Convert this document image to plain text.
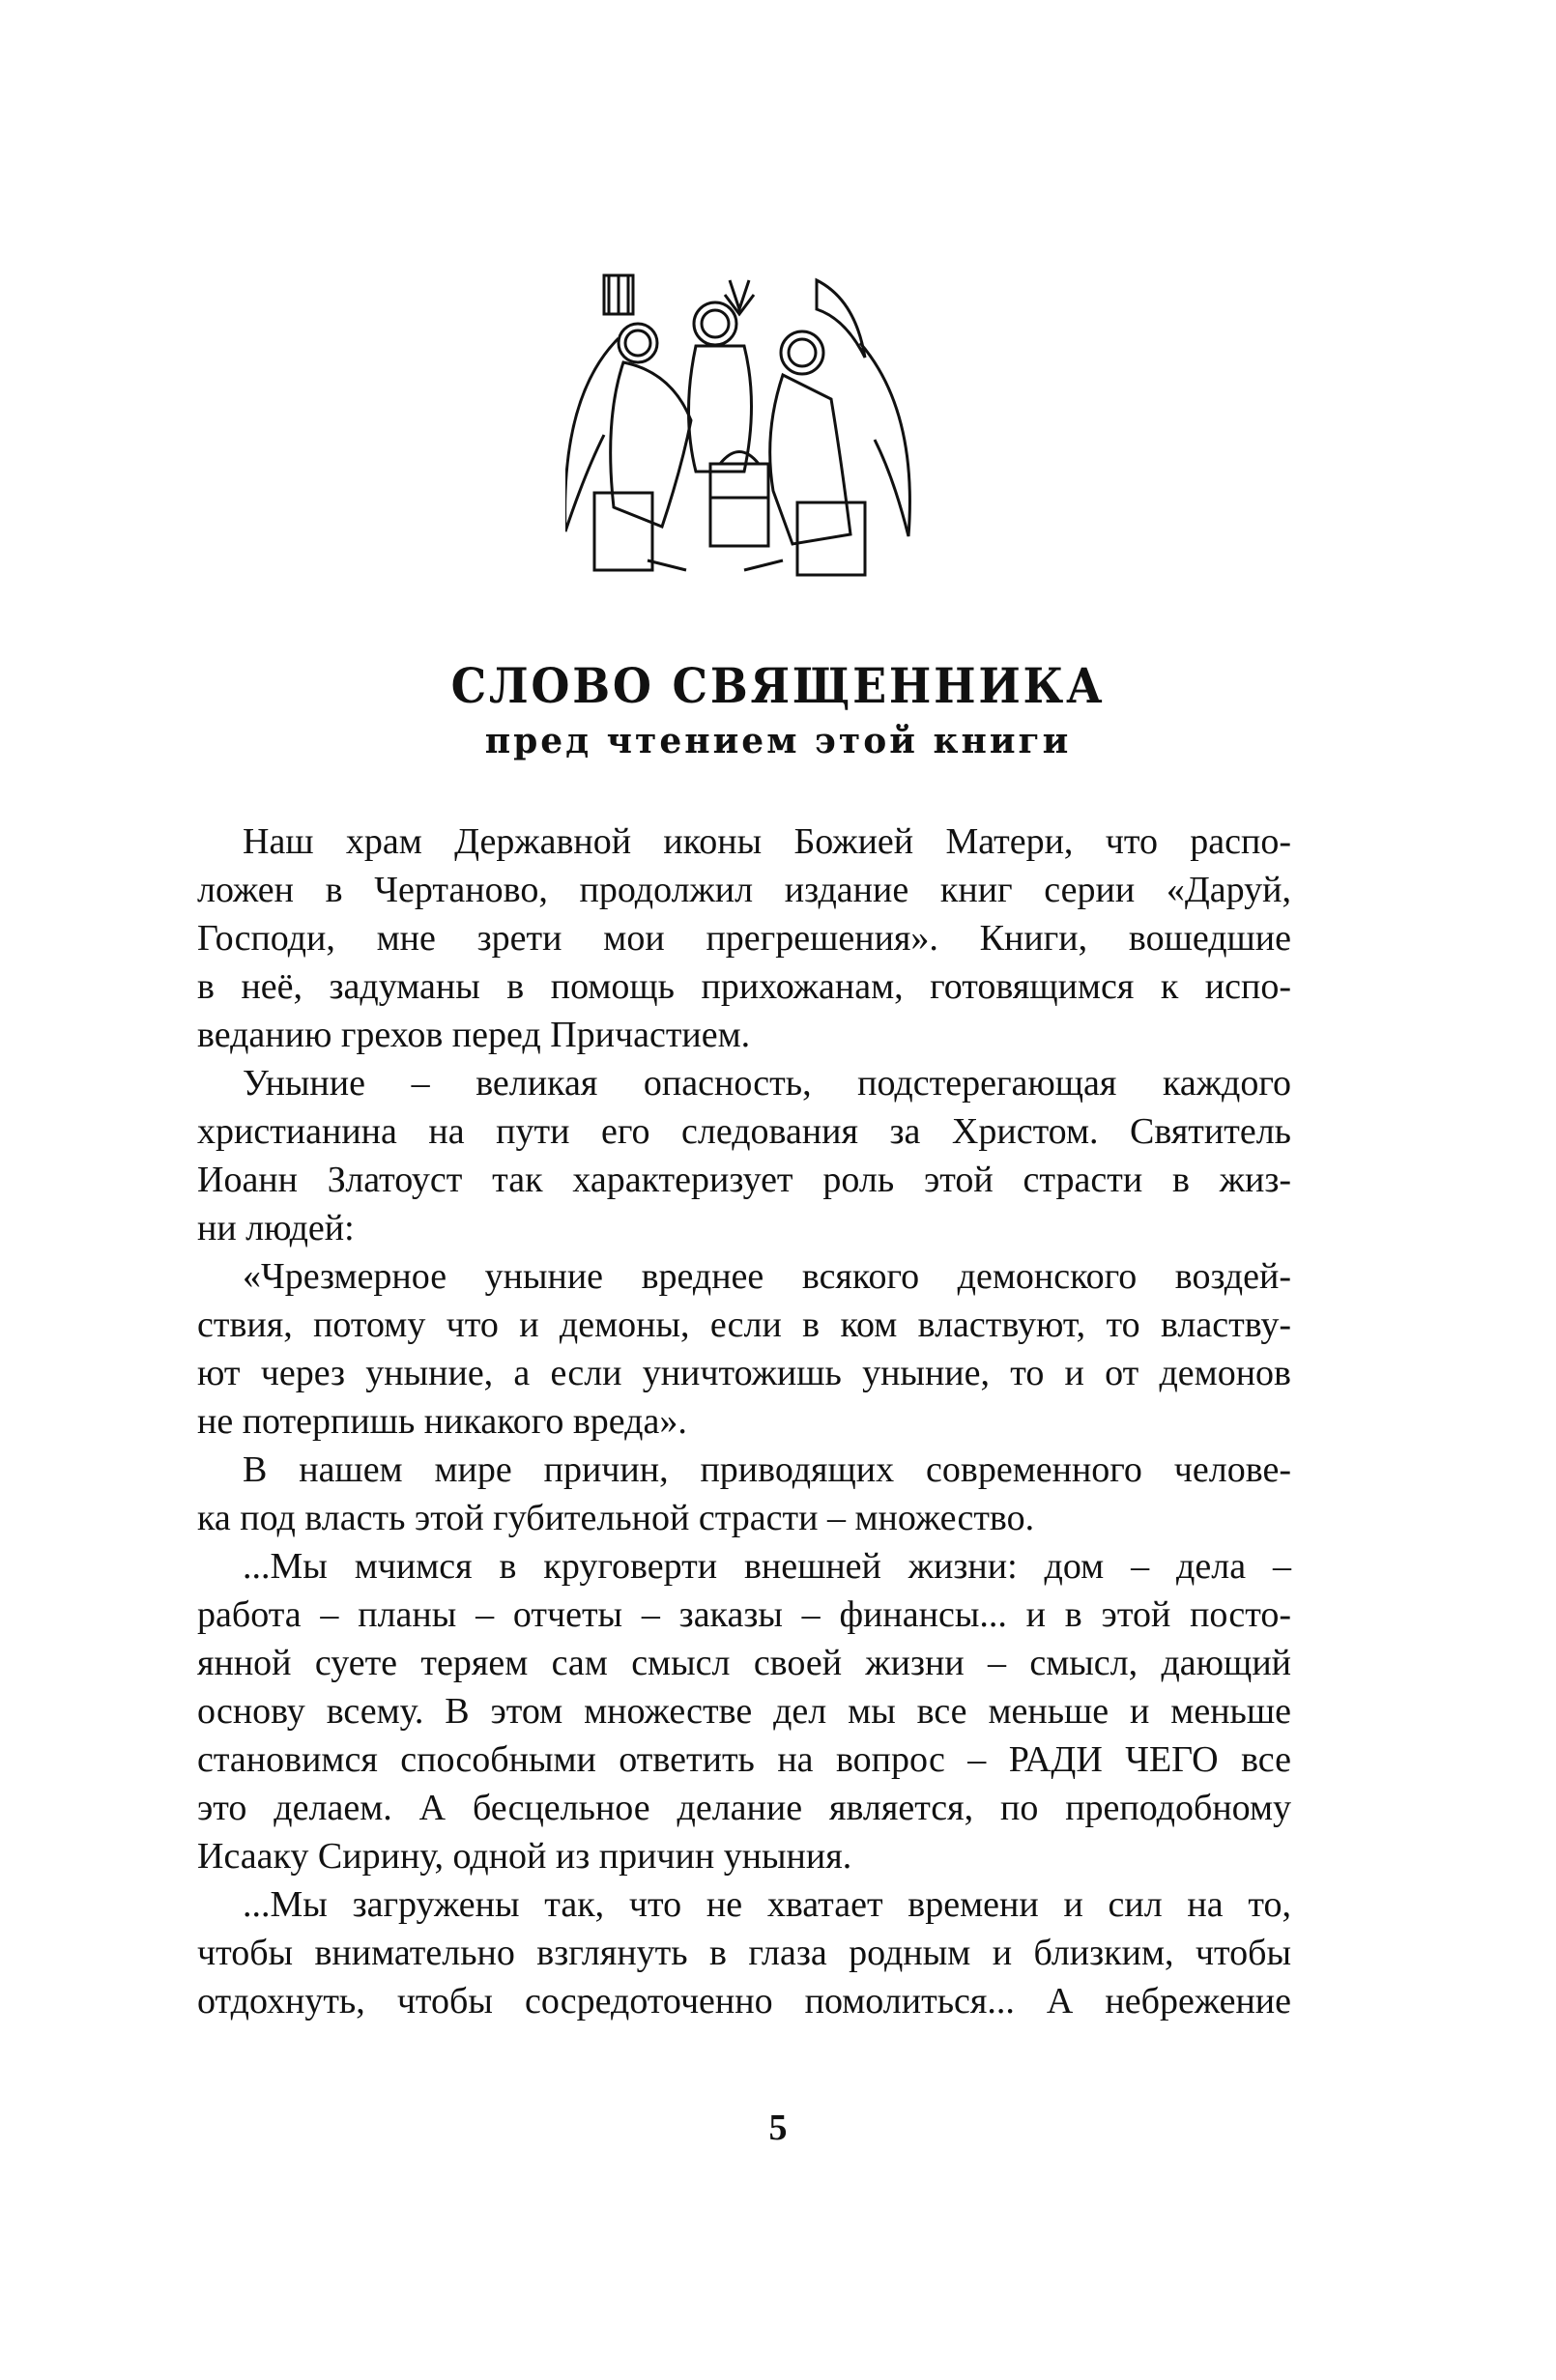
СЛОВО СВЯЩЕННИКА
пред чтением этой книги
Наш храм Державной иконы Божией Матери, что распо-
ложен в Чертаново, продолжил издание книг серии «Даруй,
Господи, мне зрети мои прегрешения». Книги, вошедшие
в неё, задуманы в помощь прихожанам, готовящимся к испо-
веданию грехов перед Причастием.
Уныние – великая опасность, подстерегающая каждого
христианина на пути его следования за Христом. Святитель
Иоанн Златоуст так характеризует роль этой страсти в жиз-
ни людей:
«Чрезмерное уныние вреднее всякого демонского воздей-
ствия, потому что и демоны, если в ком властвуют, то властву-
ют через уныние, а если уничтожишь уныние, то и от демонов
не потерпишь никакого вреда».
В нашем мире причин, приводящих современного челове-
ка под власть этой губительной страсти – множество.
...Мы мчимся в круговерти внешней жизни: дом – дела –
работа – планы – отчеты – заказы – финансы... и в этой посто-
янной суете теряем сам смысл своей жизни – смысл, дающий
основу всему. В этом множестве дел мы все меньше и меньше
становимся способными ответить на вопрос – РАДИ ЧЕГО все
это делаем. А бесцельное делание является, по преподобному
Исааку Сирину, одной из причин уныния.
...Мы загружены так, что не хватает времени и сил на то,
чтобы внимательно взглянуть в глаза родным и близким, чтобы
отдохнуть, чтобы сосредоточенно помолиться... А небрежение
5
